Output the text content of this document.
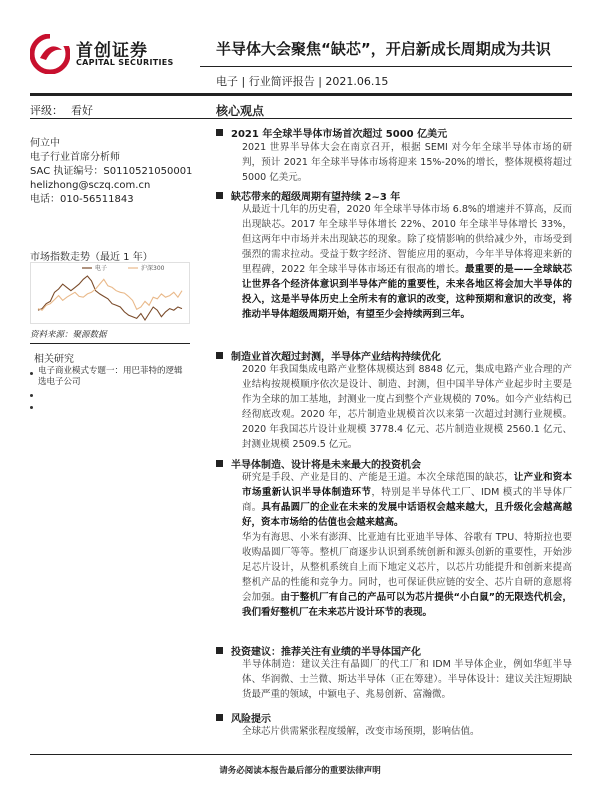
首创证券
CAPITAL SECURITIES
半导体大会聚焦“缺芯”，开启新成长周期成为共识
电子 | 行业简评报告 | 2021.06.15
评级： 看好	核心观点
何立中
电子行业首席分析师
SAC 执证编号：S0110521050001
helizhong@sczq.com.cn
电话：010-56511843
市场指数走势（最近 1 年）
电子	沪深300
资料来源：聚源数据
相关研究
电子商业模式专题一：用巴菲特的逻辑选电子公司
2021 年全球半导体市场首次超过 5000 亿美元
2021 世界半导体大会在南京召开，根据 SEMI 对今年全球半导体市场的研判，预计 2021 年全球半导体市场将迎来 15%-20%的增长，整体规模将超过 5000 亿美元。
缺芯带来的超级周期有望持续 2~3 年
从最近十几年的历史看，2020 年全球半导体市场 6.8%的增速并不算高，反而出现缺芯。2017 年全球半导体增长 22%、2010 年全球半导体增长 33%，但这两年中市场并未出现缺芯的现象。除了疫情影响的供给减少外，市场受到强烈的需求拉动。受益于数字经济、智能应用的驱动，今年半导体将迎来新的里程碑，2022 年全球半导体市场还有很高的增长。最重要的是——全球缺芯让世界各个经济体意识到半导体产能的重要性，未来各地区将会加大半导体的投入，这是半导体历史上全所未有的意识的改变，这种预期和意识的改变，将推动半导体超级周期开始，有望至少会持续两到三年。
制造业首次超过封测，半导体产业结构持续优化
2020 年我国集成电路产业整体规模达到 8848 亿元，集成电路产业合理的产业结构按规模顺序依次是设计、制造、封测，但中国半导体产业起步时主要是作为全球的加工基地，封测业一度占到整个产业规模的 70%。如今产业结构已经彻底改观。2020 年，芯片制造业规模首次以来第一次超过封测行业规模。2020 年我国芯片设计业规模 3778.4 亿元、芯片制造业规模 2560.1 亿元、封测业规模 2509.5 亿元。
半导体制造、设计将是未来最大的投资机会
研究是手段、产业是目的、产能是王道。本次全球范围的缺芯，让产业和资本市场重新认识半导体制造环节，特别是半导体代工厂、IDM 模式的半导体厂商。具有晶圆厂的企业在未来的发展中话语权会越来越大，且升级化会越高越好，资本市场给的估值也会越来越高。
华为有海思、小米有澎湃、比亚迪有比亚迪半导体、谷歌有 TPU、特斯拉也要收购晶圆厂等等。整机厂商逐步认识到系统创新和源头创新的重要性，开始涉足芯片设计，从整机系统自上而下地定义芯片，以芯片功能提升和创新来提高整机产品的性能和竞争力。同时，也可保证供应链的安全、芯片自研的意愿将会加强。由于整机厂有自己的产品可以为芯片提供“小白鼠”的无限迭代机会，我们看好整机厂在未来芯片设计环节的表现。
投资建议：推荐关注有业绩的半导体国产化
半导体制造：建议关注有晶圆厂的代工厂和 IDM 半导体企业，例如华虹半导体、华润微、士兰微、斯达半导体（正在筹建）。半导体设计：建议关注短期缺货最严重的领域，中颖电子、兆易创新、富瀚微。
风险提示
全球芯片供需紧张程度缓解，改变市场预期，影响估值。
请务必阅读本报告最后部分的重要法律声明
